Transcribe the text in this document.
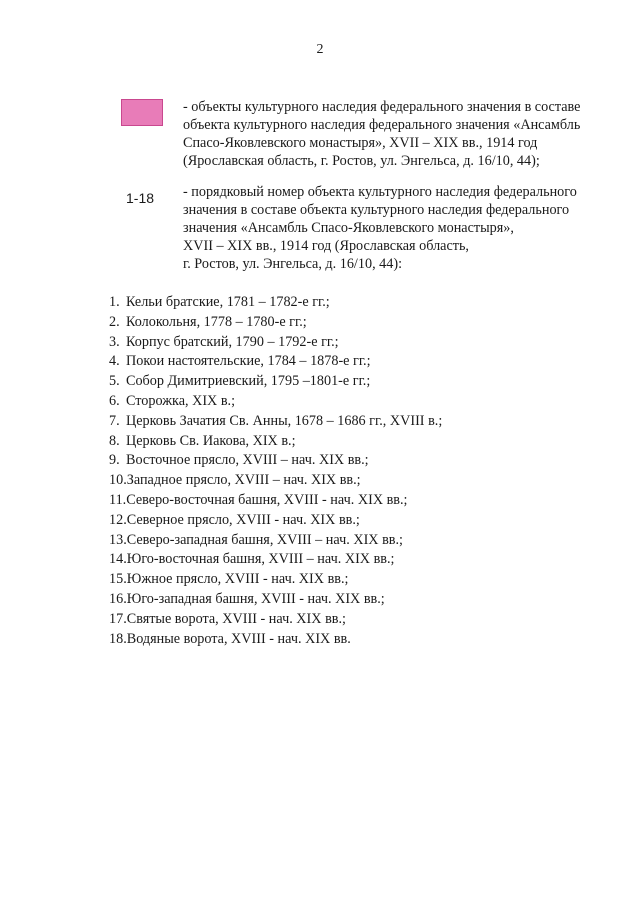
2
- объекты культурного наследия федерального значения в составе
объекта культурного наследия федерального значения «Ансамбль
Спасо-Яковлевского монастыря», XVII – XIX вв., 1914 год
(Ярославская область, г. Ростов, ул. Энгельса, д. 16/10, 44);
1-18 - порядковый номер объекта культурного наследия федерального
значения в составе объекта культурного наследия федерального
значения «Ансамбль Спасо-Яковлевского монастыря»,
XVII – XIX вв., 1914 год (Ярославская область,
г. Ростов, ул. Энгельса, д. 16/10, 44):
1. Кельи братские, 1781 – 1782-е гг.;
2. Колокольня, 1778 – 1780-е гг.;
3. Корпус братский, 1790 – 1792-е гг.;
4. Покои настоятельские, 1784 – 1878-е гг.;
5. Собор Димитриевский, 1795 –1801-е гг.;
6. Сторожка, XIX в.;
7. Церковь Зачатия Св. Анны, 1678 – 1686 гг., XVIII в.;
8. Церковь Св. Иакова, XIX в.;
9. Восточное прясло, XVIII – нач. XIX вв.;
10.Западное прясло, XVIII – нач. XIX вв.;
11.Северо-восточная башня, XVIII - нач. XIX вв.;
12.Северное прясло, XVIII - нач. XIX вв.;
13.Северо-западная башня, XVIII – нач. XIX вв.;
14.Юго-восточная башня, XVIII – нач. XIX вв.;
15.Южное прясло, XVIII - нач. XIX вв.;
16.Юго-западная башня, XVIII - нач. XIX вв.;
17.Святые ворота, XVIII - нач. XIX вв.;
18.Водяные ворота, XVIII - нач. XIX вв.
